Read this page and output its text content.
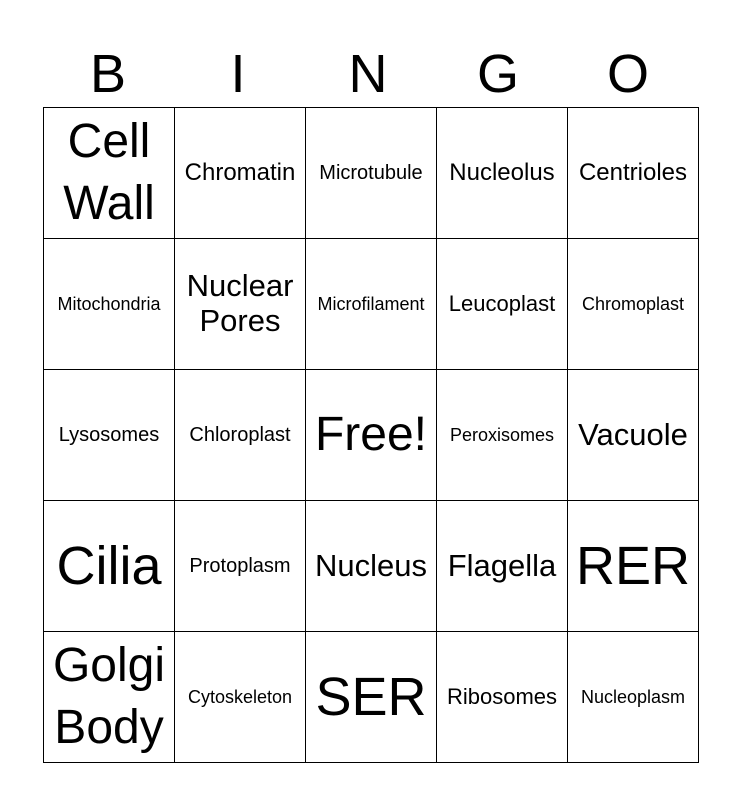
B	I	N	G	O
Cell Wall	Chromatin	Microtubule	Nucleolus	Centrioles

Mitochondria	Nuclear Pores	Microfilament	Leucoplast	Chromoplast

Lysosomes	Chloroplast	Free!	Peroxisomes	Vacuole

Cilia	Protoplasm	Nucleus	Flagella	RER

Golgi Body	Cytoskeleton	SER	Ribosomes	Nucleoplasm
